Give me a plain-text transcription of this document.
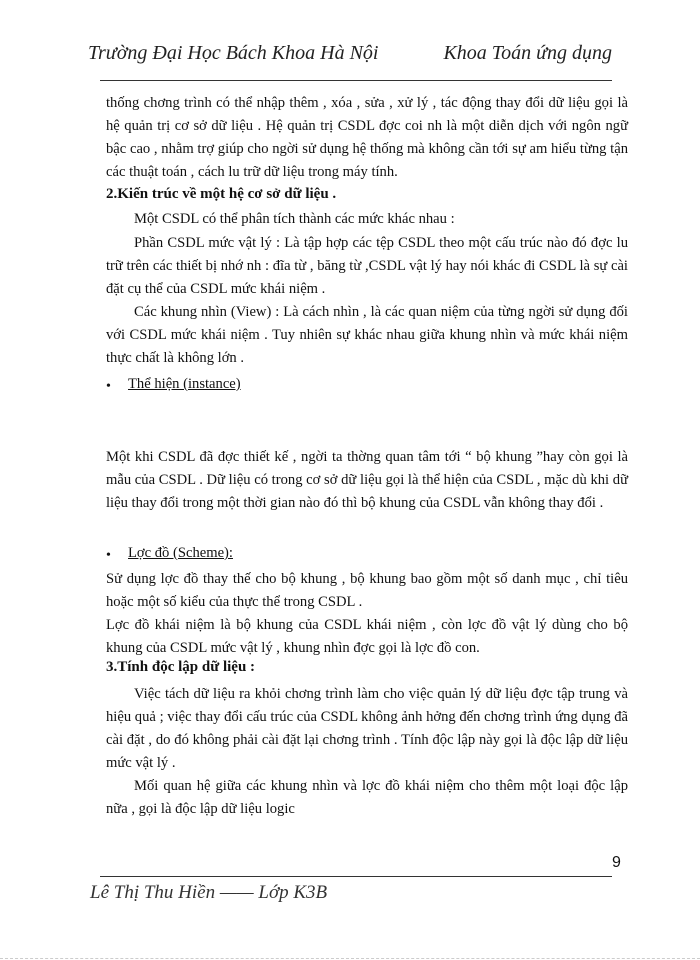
Trường Đại Học Bách Khoa Hà Nội	Khoa Toán ứng dụng

thống chơng trình có thể nhập thêm , xóa , sửa , xử lý , tác động thay đổi dữ liệu gọi là hệ quản trị cơ sở dữ liệu . Hệ quản trị CSDL đợc coi nh là một diễn dịch với ngôn ngữ bậc cao , nhằm trợ giúp cho ngời sử dụng hệ thống mà không cần tới sự am hiểu từng tận các thuật toán , cách lu trữ dữ liệu trong máy tính.

2.Kiến trúc về một hệ cơ sở dữ liệu .

Một CSDL có thể phân tích thành các mức khác nhau :

Phần CSDL mức vật lý : Là tập hợp các tệp CSDL theo một cấu trúc nào đó đợc lu trữ trên các thiết bị nhớ nh : đĩa từ , băng từ ,CSDL vật lý hay nói khác đi CSDL là sự cài đặt cụ thể của CSDL mức khái niệm .

Các khung nhìn (View) : Là cách nhìn , là các quan niệm của từng ngời sử dụng đối với CSDL mức khái niệm . Tuy nhiên sự khác nhau giữa khung nhìn và mức khái niệm thực chất là không lớn .

• Thể hiện (instance)

Một khi CSDL đã đợc thiết kế , ngời ta thờng quan tâm tới “ bộ khung ”hay còn gọi là mẫu của CSDL . Dữ liệu có trong cơ sở dữ liệu gọi là thể hiện của CSDL , mặc dù khi dữ liệu thay đổi trong một thời gian nào đó thì bộ khung của CSDL vẫn không thay đổi .

• Lợc đồ (Scheme):

Sử dụng lợc đồ thay thế cho bộ khung , bộ khung bao gồm một số danh mục , chỉ tiêu hoặc một số kiểu của thực thể trong CSDL .

Lợc đồ khái niệm là bộ khung của CSDL khái niệm , còn lợc đồ vật lý dùng cho bộ khung của CSDL mức vật lý , khung nhìn đợc gọi là lợc đồ con.

3.Tính độc lập dữ liệu :

Việc tách dữ liệu ra khỏi chơng trình làm cho việc quản lý dữ liệu đợc tập trung và hiệu quả ; việc thay đổi cấu trúc của CSDL không ảnh hởng đến chơng trình ứng dụng đã cài đặt , do đó không phải cài đặt lại chơng trình . Tính độc lập này gọi là độc lập dữ liệu mức vật lý .

Mối quan hệ giữa các khung nhìn và lợc đồ khái niệm cho thêm một loại độc lập nữa , gọi là độc lập dữ liệu logic

9
Lê Thị Thu Hiền —— Lớp K3B
